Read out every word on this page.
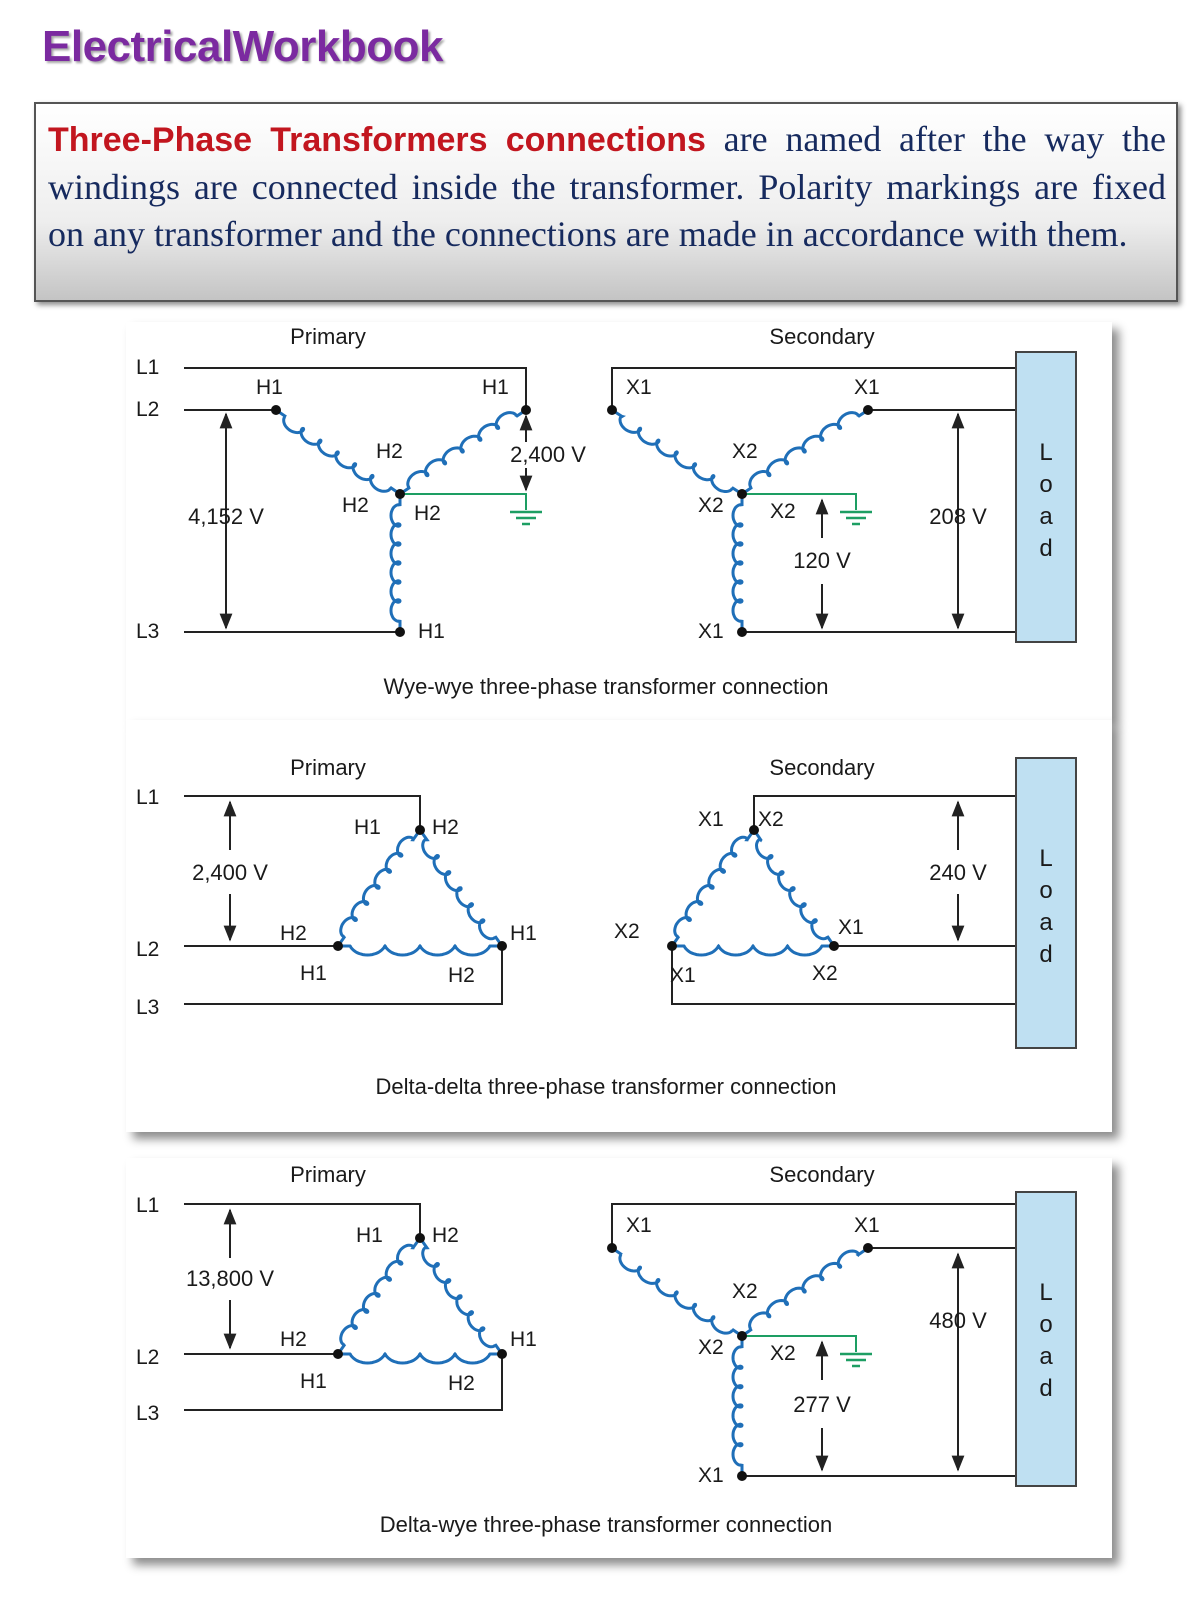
ElectricalWorkbook

Three-Phase Transformers connections are named after the way the windings are connected inside the transformer. Polarity markings are fixed on any transformer and the connections are made in accordance with them.

L
o
a
d
Primary	Secondary
L1
L2
L3
H1	H1
H2
H2 H2
H1
4,152 V
2,400 V
X1	X1
X2
X2 X2
X1
208 V
120 V
Wye-wye three-phase transformer connection
L
o
a
d
Primary	Secondary
L1
L2
L3
H1 H2
H2
H1
H1
H2
2,400 V
X1 X2
X2
X1
X1
X2
240 V
Delta-delta three-phase transformer connection
L
o
a
d
Primary	Secondary
L1
L2
L3
H1 H2
H2
H1
H1
H2
13,800 V
X1	X1
X2
X2 X2
X1
480 V
277 V
Delta-wye three-phase transformer connection
